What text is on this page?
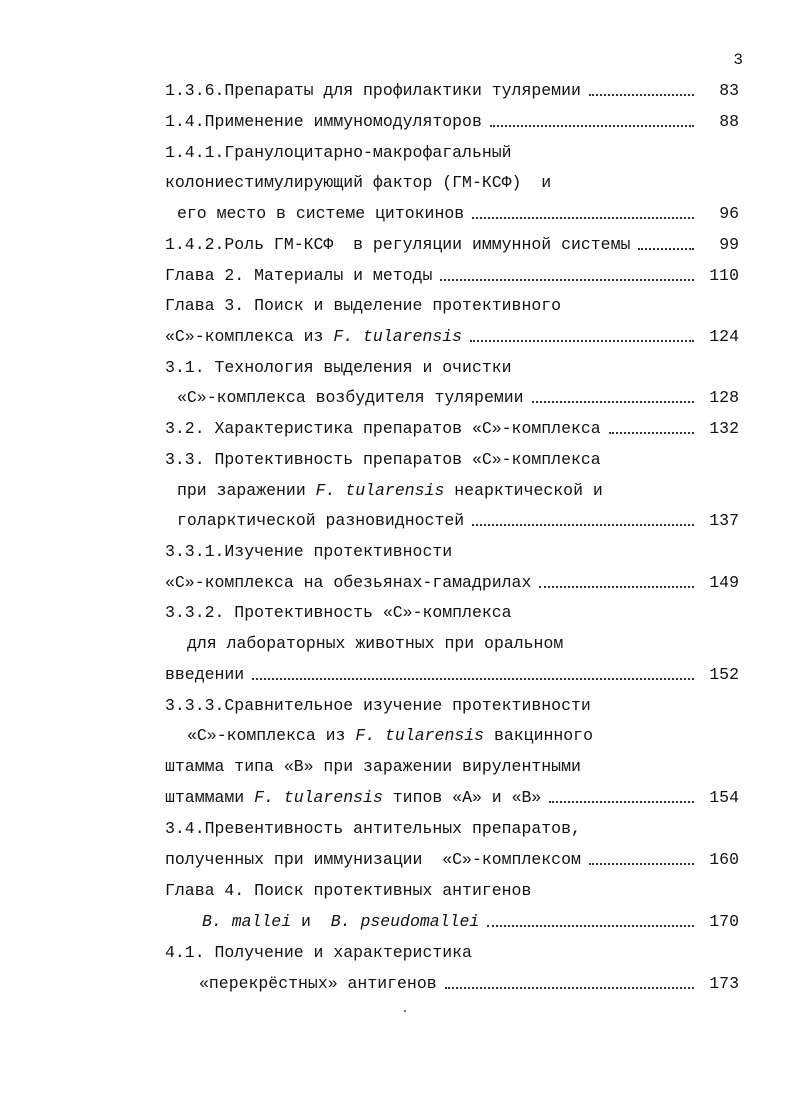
3
1.3.6.Препараты для профилактики туляремии	83
1.4.Применение иммуномодуляторов	88
1.4.1.Гранулоцитарно-макрофагальный
колониестимулирующий фактор (ГМ-КСФ)  и
его место в системе цитокинов	96
1.4.2.Роль ГМ-КСФ  в регуляции иммунной системы	99
Глава 2. Материалы и методы	110
Глава 3. Поиск и выделение протективного
«С»-комплекса из F. tularensis	124
3.1. Технология выделения и очистки
«С»-комплекса возбудителя туляремии	128
3.2. Характеристика препаратов «С»-комплекса	132
3.3. Протективность препаратов «С»-комплекса
при заражении F. tularensis неарктической и
голарктической разновидностей	137
3.3.1.Изучение протективности
«С»-комплекса на обезьянах-гамадрилах	149
3.3.2. Протективность «С»-комплекса
для лабораторных животных при оральном
введении	152
3.3.3.Сравнительное изучение протективности
«С»-комплекса из F. tularensis вакцинного
штамма типа «В» при заражении вирулентными
штаммами F. tularensis типов «А» и «В»	154
3.4.Превентивность антительных препаратов,
полученных при иммунизации  «С»-комплексом	160
Глава 4. Поиск протективных антигенов
B. mallei и  B. pseudomallei	170
4.1. Получение и характеристика
«перекрёстных» антигенов	173
